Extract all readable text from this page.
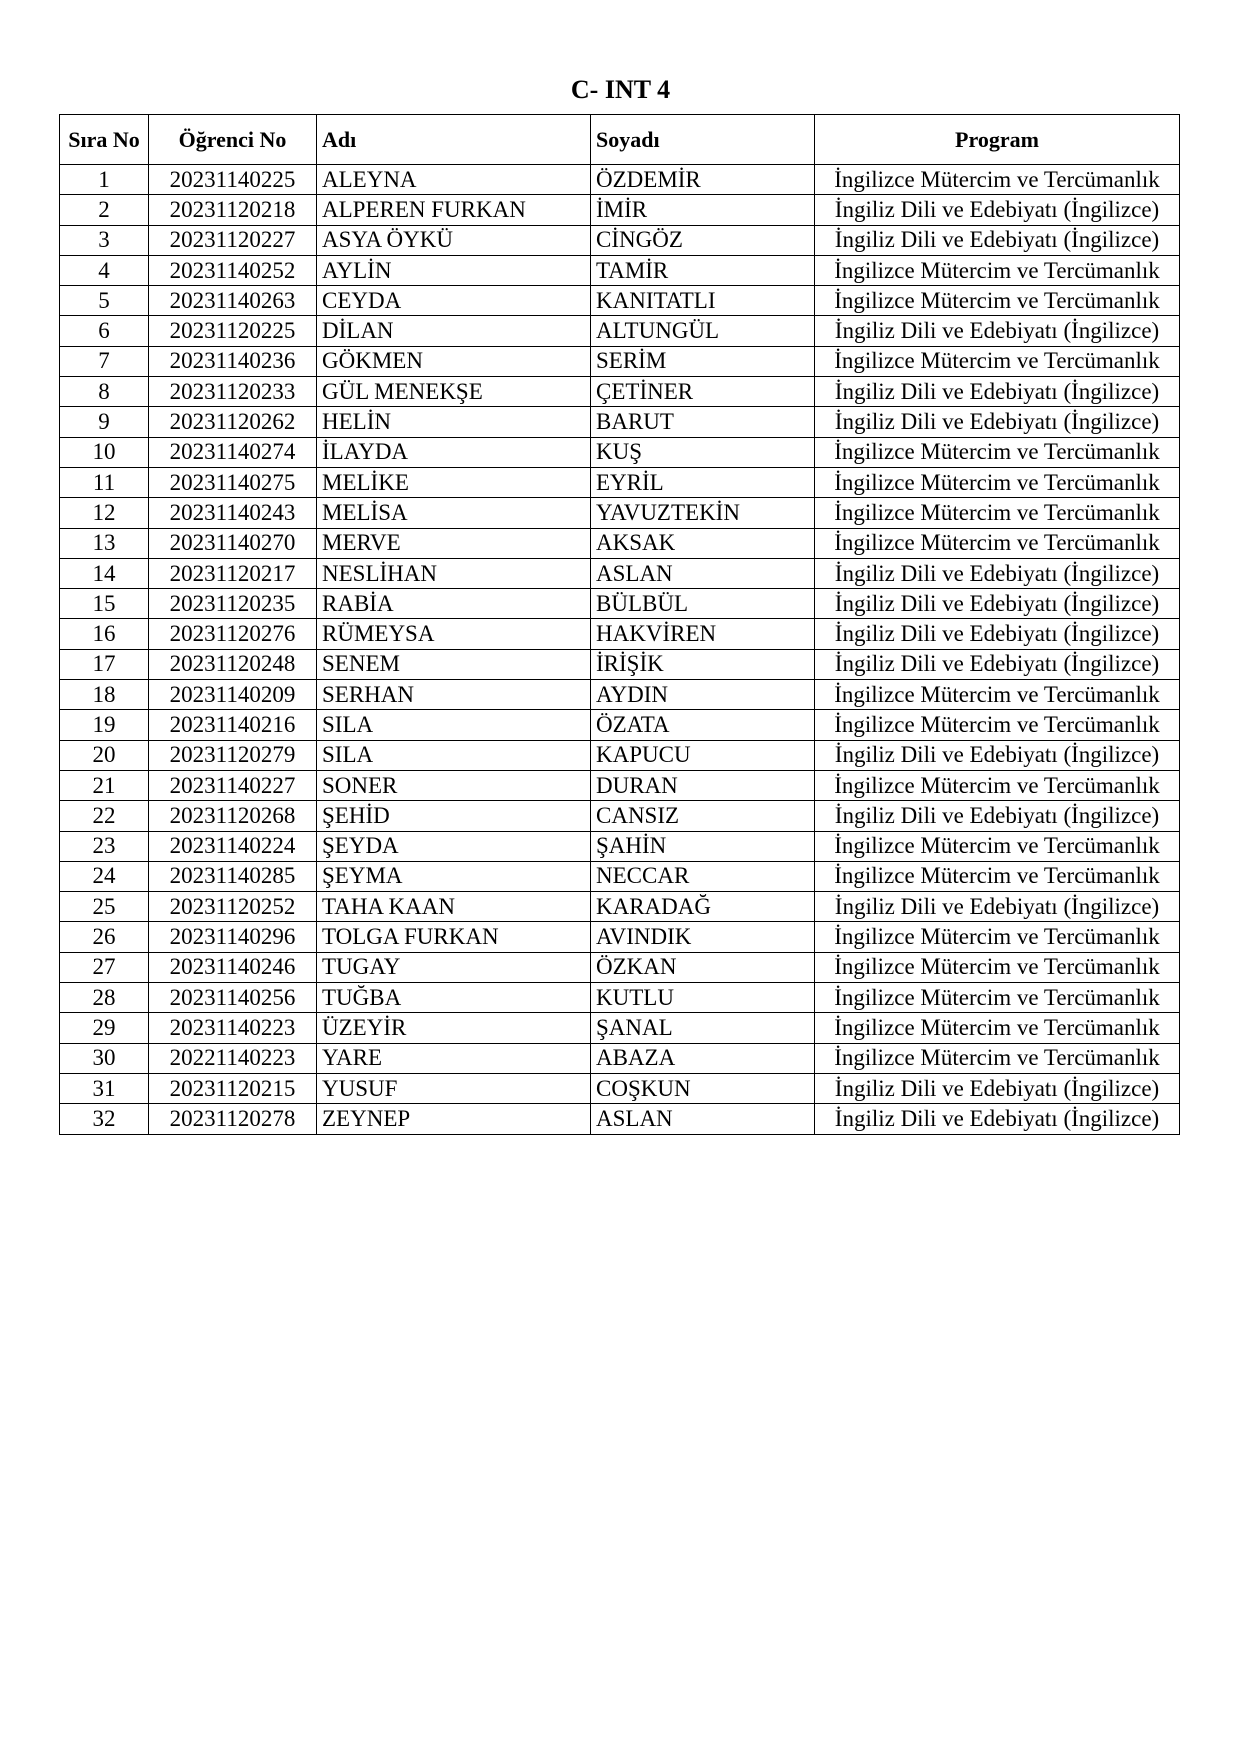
C- INT 4
Sıra No	Öğrenci No	Adı	Soyadı	Program
1	20231140225	ALEYNA	ÖZDEMİR	İngilizce Mütercim ve Tercümanlık
2	20231120218	ALPEREN FURKAN	İMİR	İngiliz Dili ve Edebiyatı (İngilizce)
3	20231120227	ASYA ÖYKÜ	CİNGÖZ	İngiliz Dili ve Edebiyatı (İngilizce)
4	20231140252	AYLİN	TAMİR	İngilizce Mütercim ve Tercümanlık
5	20231140263	CEYDA	KANITATLI	İngilizce Mütercim ve Tercümanlık
6	20231120225	DİLAN	ALTUNGÜL	İngiliz Dili ve Edebiyatı (İngilizce)
7	20231140236	GÖKMEN	SERİM	İngilizce Mütercim ve Tercümanlık
8	20231120233	GÜL MENEKŞE	ÇETİNER	İngiliz Dili ve Edebiyatı (İngilizce)
9	20231120262	HELİN	BARUT	İngiliz Dili ve Edebiyatı (İngilizce)
10	20231140274	İLAYDA	KUŞ	İngilizce Mütercim ve Tercümanlık
11	20231140275	MELİKE	EYRİL	İngilizce Mütercim ve Tercümanlık
12	20231140243	MELİSA	YAVUZTEKİN	İngilizce Mütercim ve Tercümanlık
13	20231140270	MERVE	AKSAK	İngilizce Mütercim ve Tercümanlık
14	20231120217	NESLİHAN	ASLAN	İngiliz Dili ve Edebiyatı (İngilizce)
15	20231120235	RABİA	BÜLBÜL	İngiliz Dili ve Edebiyatı (İngilizce)
16	20231120276	RÜMEYSA	HAKVİREN	İngiliz Dili ve Edebiyatı (İngilizce)
17	20231120248	SENEM	İRİŞİK	İngiliz Dili ve Edebiyatı (İngilizce)
18	20231140209	SERHAN	AYDIN	İngilizce Mütercim ve Tercümanlık
19	20231140216	SILA	ÖZATA	İngilizce Mütercim ve Tercümanlık
20	20231120279	SILA	KAPUCU	İngiliz Dili ve Edebiyatı (İngilizce)
21	20231140227	SONER	DURAN	İngilizce Mütercim ve Tercümanlık
22	20231120268	ŞEHİD	CANSIZ	İngiliz Dili ve Edebiyatı (İngilizce)
23	20231140224	ŞEYDA	ŞAHİN	İngilizce Mütercim ve Tercümanlık
24	20231140285	ŞEYMA	NECCAR	İngilizce Mütercim ve Tercümanlık
25	20231120252	TAHA KAAN	KARADAĞ	İngiliz Dili ve Edebiyatı (İngilizce)
26	20231140296	TOLGA FURKAN	AVINDIK	İngilizce Mütercim ve Tercümanlık
27	20231140246	TUGAY	ÖZKAN	İngilizce Mütercim ve Tercümanlık
28	20231140256	TUĞBA	KUTLU	İngilizce Mütercim ve Tercümanlık
29	20231140223	ÜZEYİR	ŞANAL	İngilizce Mütercim ve Tercümanlık
30	20221140223	YARE	ABAZA	İngilizce Mütercim ve Tercümanlık
31	20231120215	YUSUF	COŞKUN	İngiliz Dili ve Edebiyatı (İngilizce)
32	20231120278	ZEYNEP	ASLAN	İngiliz Dili ve Edebiyatı (İngilizce)
